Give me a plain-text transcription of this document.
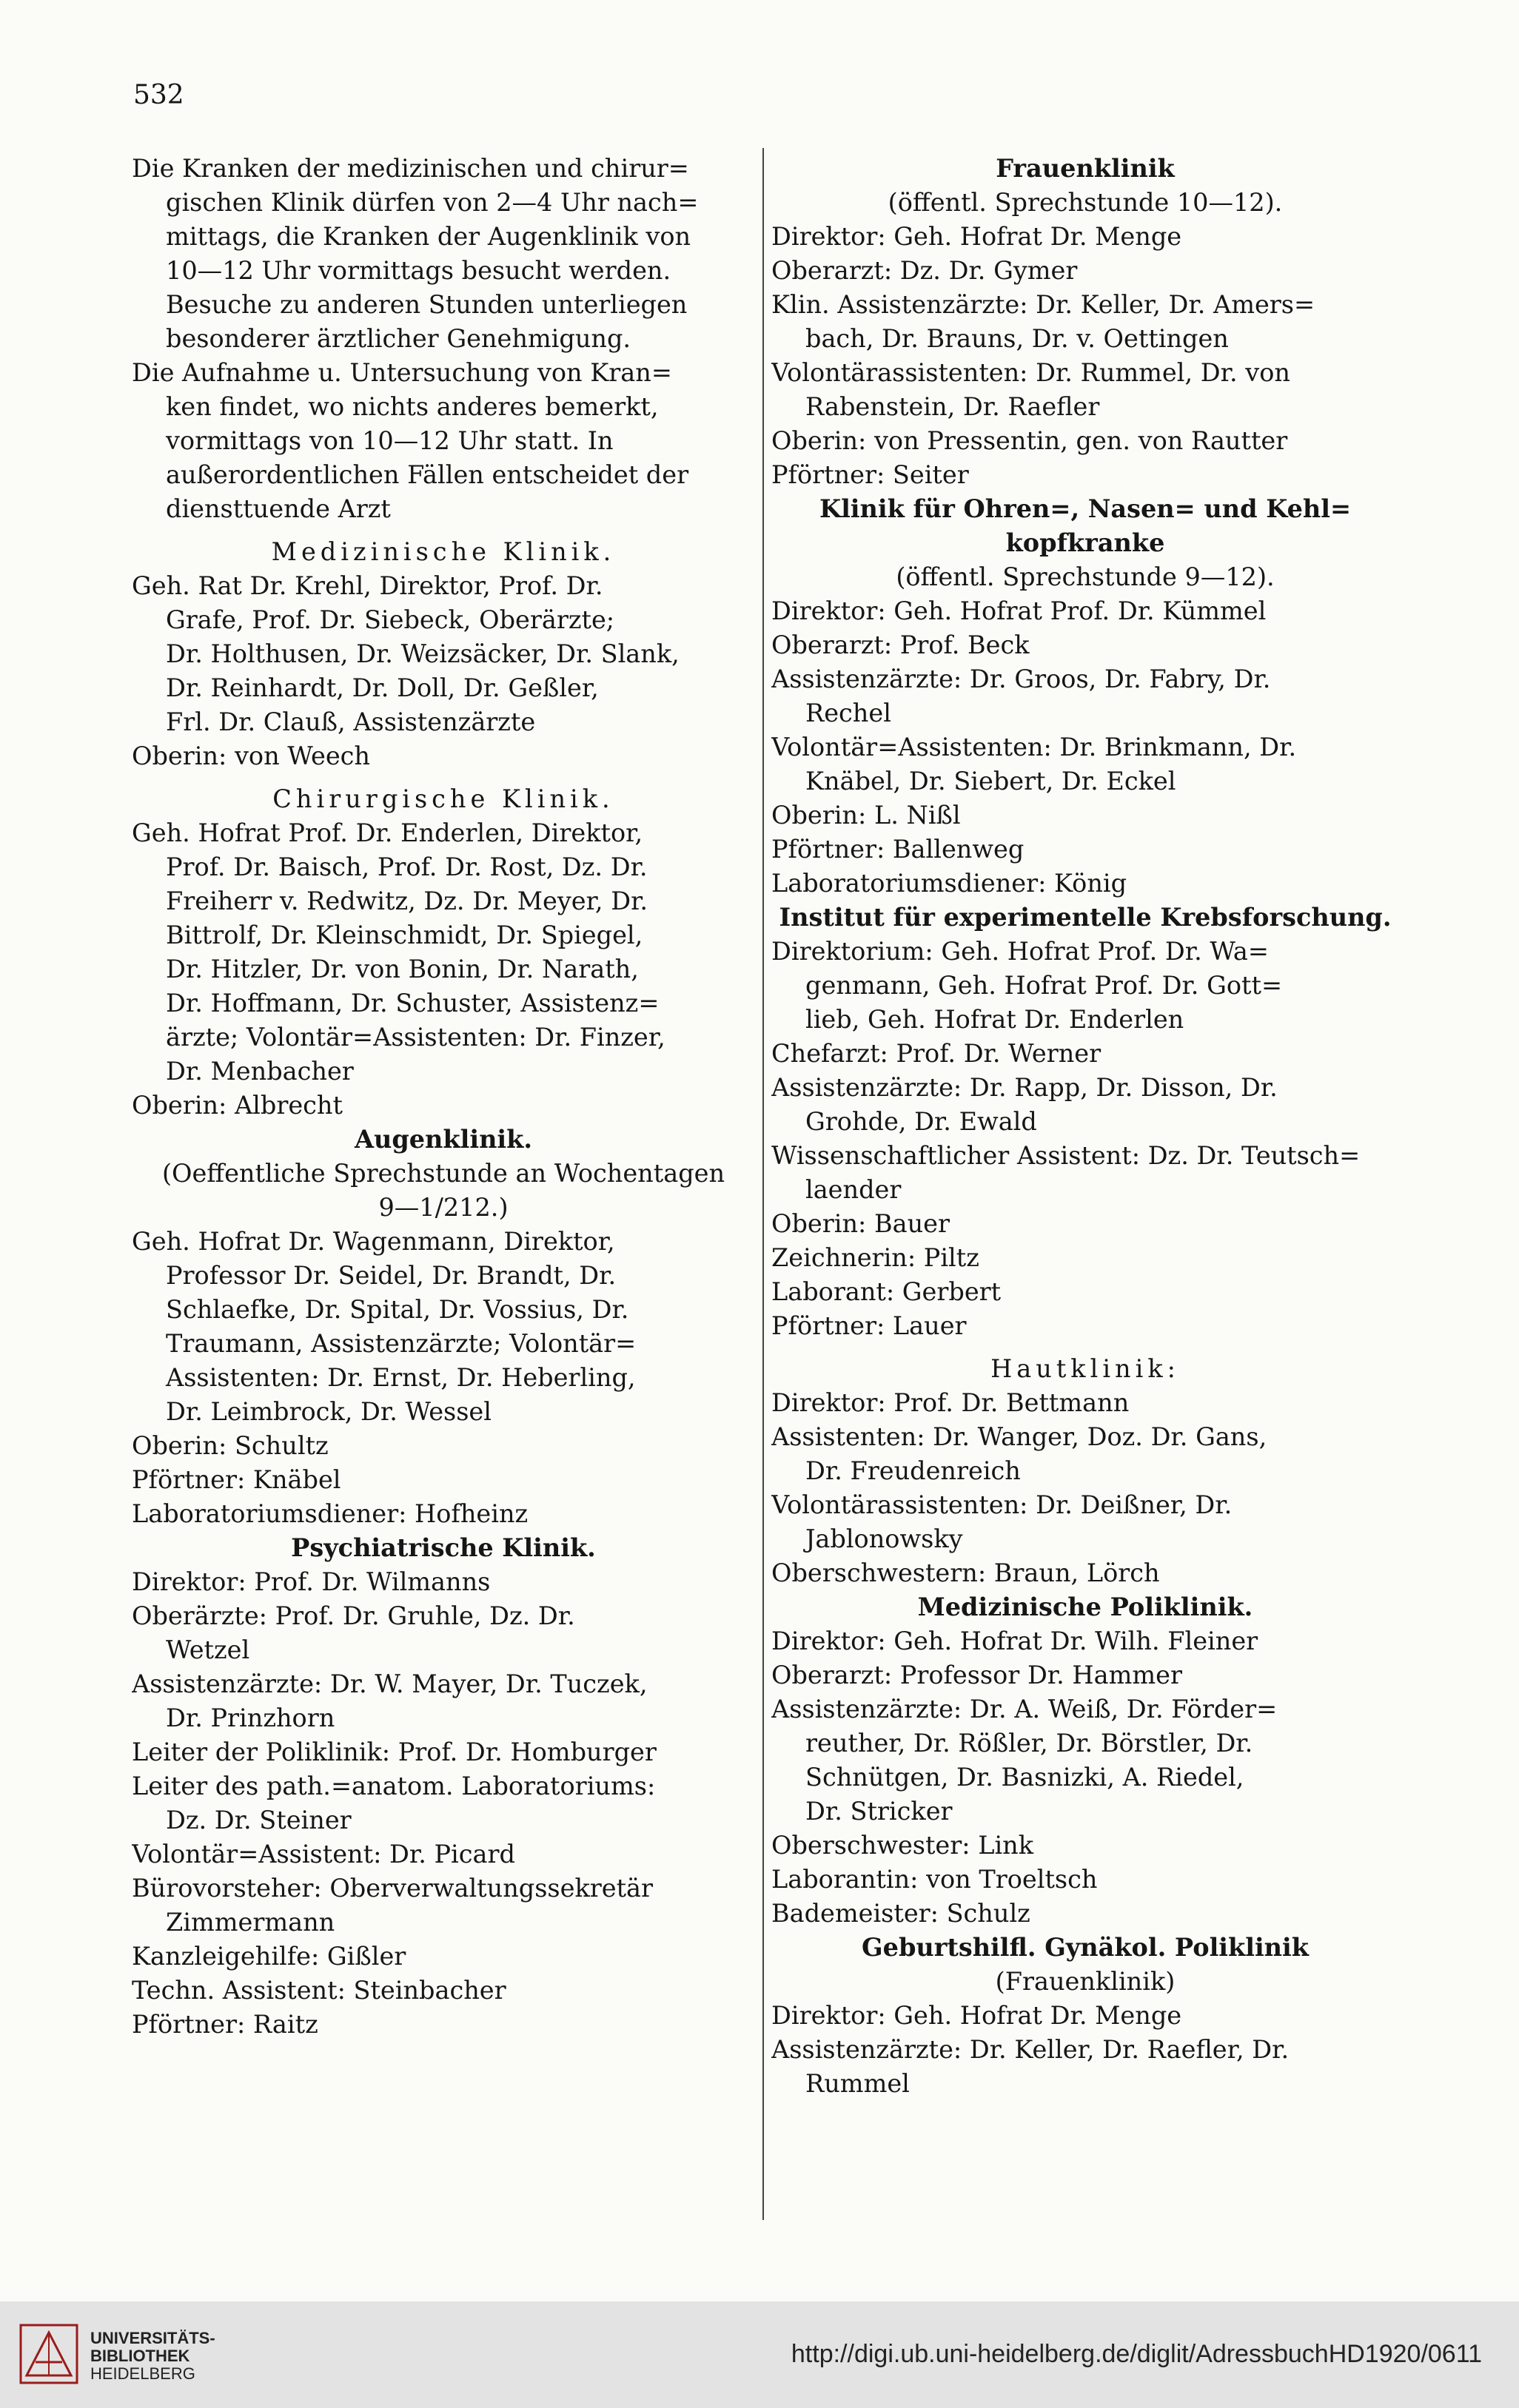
532
Die Kranken der medizinischen und chirur=
gischen Klinik dürfen von 2—4 Uhr nach=
mittags, die Kranken der Augenklinik von
10—12 Uhr vormittags besucht werden.
Besuche zu anderen Stunden unterliegen
besonderer ärztlicher Genehmigung.
Die Aufnahme u. Untersuchung von Kran=
ken findet, wo nichts anderes bemerkt,
vormittags von 10—12 Uhr statt. In
außerordentlichen Fällen entscheidet der
diensttuende Arzt
Medizinische Klinik.
Geh. Rat Dr. Krehl, Direktor, Prof. Dr.
Grafe, Prof. Dr. Siebeck, Oberärzte;
Dr. Holthusen, Dr. Weizsäcker, Dr. Slank,
Dr. Reinhardt, Dr. Doll, Dr. Geßler,
Frl. Dr. Clauß, Assistenzärzte
Oberin: von Weech
Chirurgische Klinik.
Geh. Hofrat Prof. Dr. Enderlen, Direktor,
Prof. Dr. Baisch, Prof. Dr. Rost, Dz. Dr.
Freiherr v. Redwitz, Dz. Dr. Meyer, Dr.
Bittrolf, Dr. Kleinschmidt, Dr. Spiegel,
Dr. Hitzler, Dr. von Bonin, Dr. Narath,
Dr. Hoffmann, Dr. Schuster, Assistenz=
ärzte; Volontär=Assistenten: Dr. Finzer,
Dr. Menbacher
Oberin: Albrecht
Augenklinik.
(Oeffentliche Sprechstunde an Wochentagen
9—1/212.)
Geh. Hofrat Dr. Wagenmann, Direktor,
Professor Dr. Seidel, Dr. Brandt, Dr.
Schlaefke, Dr. Spital, Dr. Vossius, Dr.
Traumann, Assistenzärzte; Volontär=
Assistenten: Dr. Ernst, Dr. Heberling,
Dr. Leimbrock, Dr. Wessel
Oberin: Schultz
Pförtner: Knäbel
Laboratoriumsdiener: Hofheinz
Psychiatrische Klinik.
Direktor: Prof. Dr. Wilmanns
Oberärzte: Prof. Dr. Gruhle, Dz. Dr.
Wetzel
Assistenzärzte: Dr. W. Mayer, Dr. Tuczek,
Dr. Prinzhorn
Leiter der Poliklinik: Prof. Dr. Homburger
Leiter des path.=anatom. Laboratoriums:
Dz. Dr. Steiner
Volontär=Assistent: Dr. Picard
Bürovorsteher: Oberverwaltungssekretär
Zimmermann
Kanzleigehilfe: Gißler
Techn. Assistent: Steinbacher
Pförtner: Raitz
Frauenklinik
(öffentl. Sprechstunde 10—12).
Direktor: Geh. Hofrat Dr. Menge
Oberarzt: Dz. Dr. Gymer
Klin. Assistenzärzte: Dr. Keller, Dr. Amers=
bach, Dr. Brauns, Dr. v. Oettingen
Volontärassistenten: Dr. Rummel, Dr. von
Rabenstein, Dr. Raefler
Oberin: von Pressentin, gen. von Rautter
Pförtner: Seiter
Klinik für Ohren=, Nasen= und Kehl=
kopfkranke
(öffentl. Sprechstunde 9—12).
Direktor: Geh. Hofrat Prof. Dr. Kümmel
Oberarzt: Prof. Beck
Assistenzärzte: Dr. Groos, Dr. Fabry, Dr.
Rechel
Volontär=Assistenten: Dr. Brinkmann, Dr.
Knäbel, Dr. Siebert, Dr. Eckel
Oberin: L. Nißl
Pförtner: Ballenweg
Laboratoriumsdiener: König
Institut für experimentelle Krebsforschung.
Direktorium: Geh. Hofrat Prof. Dr. Wa=
genmann, Geh. Hofrat Prof. Dr. Gott=
lieb, Geh. Hofrat Dr. Enderlen
Chefarzt: Prof. Dr. Werner
Assistenzärzte: Dr. Rapp, Dr. Disson, Dr.
Grohde, Dr. Ewald
Wissenschaftlicher Assistent: Dz. Dr. Teutsch=
laender
Oberin: Bauer
Zeichnerin: Piltz
Laborant: Gerbert
Pförtner: Lauer
Hautklinik:
Direktor: Prof. Dr. Bettmann
Assistenten: Dr. Wanger, Doz. Dr. Gans,
Dr. Freudenreich
Volontärassistenten: Dr. Deißner, Dr.
Jablonowsky
Oberschwestern: Braun, Lörch
Medizinische Poliklinik.
Direktor: Geh. Hofrat Dr. Wilh. Fleiner
Oberarzt: Professor Dr. Hammer
Assistenzärzte: Dr. A. Weiß, Dr. Förder=
reuther, Dr. Rößler, Dr. Börstler, Dr.
Schnütgen, Dr. Basnizki, A. Riedel,
Dr. Stricker
Oberschwester: Link
Laborantin: von Troeltsch
Bademeister: Schulz
Geburtshilfl. Gynäkol. Poliklinik
(Frauenklinik)
Direktor: Geh. Hofrat Dr. Menge
Assistenzärzte: Dr. Keller, Dr. Raefler, Dr.
Rummel
UNIVERSITÄTS-
BIBLIOTHEK
HEIDELBERG
http://digi.ub.uni-heidelberg.de/diglit/AdressbuchHD1920/0611
